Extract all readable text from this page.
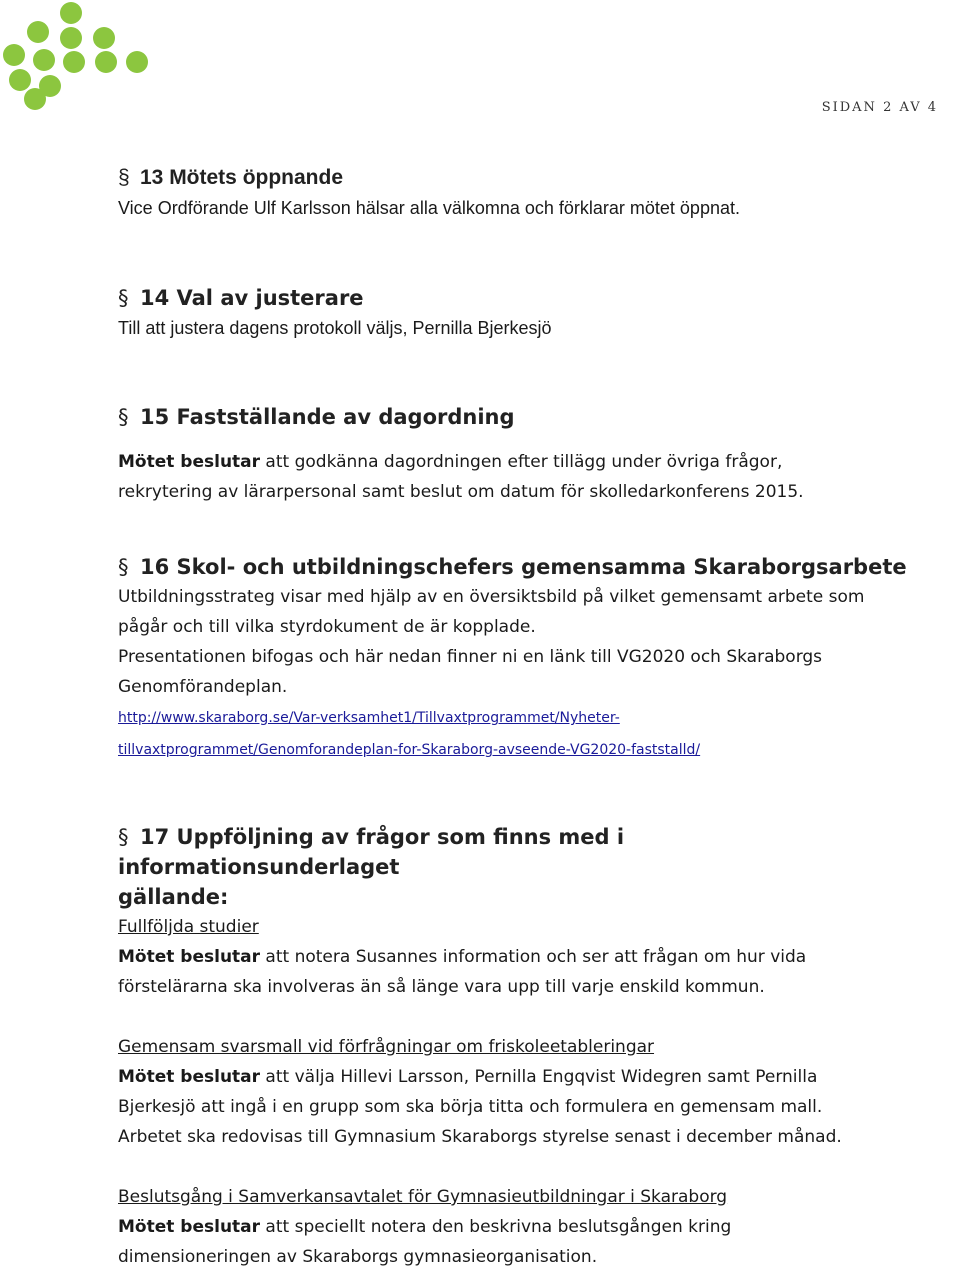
SIDAN 2 AV 4

§ 13 Mötets öppnande

Vice Ordförande Ulf Karlsson hälsar alla välkomna och förklarar mötet öppnat.

§ 14 Val av justerare

Till att justera dagens protokoll väljs, Pernilla Bjerkesjö

§ 15 Fastställande av dagordning

Mötet beslutar att godkänna dagordningen efter tillägg under övriga frågor,

rekrytering av lärarpersonal samt beslut om datum för skolledarkonferens 2015.

§ 16 Skol- och utbildningschefers gemensamma Skaraborgsarbete

Utbildningsstrateg visar med hjälp av en översiktsbild på vilket gemensamt arbete som

pågår och till vilka styrdokument de är kopplade.

Presentationen bifogas och här nedan finner ni en länk till VG2020 och Skaraborgs

Genomförandeplan.

http://www.skaraborg.se/Var-verksamhet1/Tillvaxtprogrammet/Nyheter-
tillvaxtprogrammet/Genomforandeplan-for-Skaraborg-avseende-VG2020-faststalld/

§ 17 Uppföljning av frågor som finns med i

informationsunderlaget

gällande:

Fullföljda studier

Mötet beslutar att notera Susannes information och ser att frågan om hur vida

förstelärarna ska involveras än så länge vara upp till varje enskild kommun.

Gemensam svarsmall vid förfrågningar om friskoleetableringar

Mötet beslutar att välja Hillevi Larsson, Pernilla Engqvist Widegren samt Pernilla

Bjerkesjö att ingå i en grupp som ska börja titta och formulera en gemensam mall.

Arbetet ska redovisas till Gymnasium Skaraborgs styrelse senast i december månad.

Beslutsgång i Samverkansavtalet för Gymnasieutbildningar i Skaraborg

Mötet beslutar att speciellt notera den beskrivna beslutsgången kring

dimensioneringen av Skaraborgs gymnasieorganisation.
